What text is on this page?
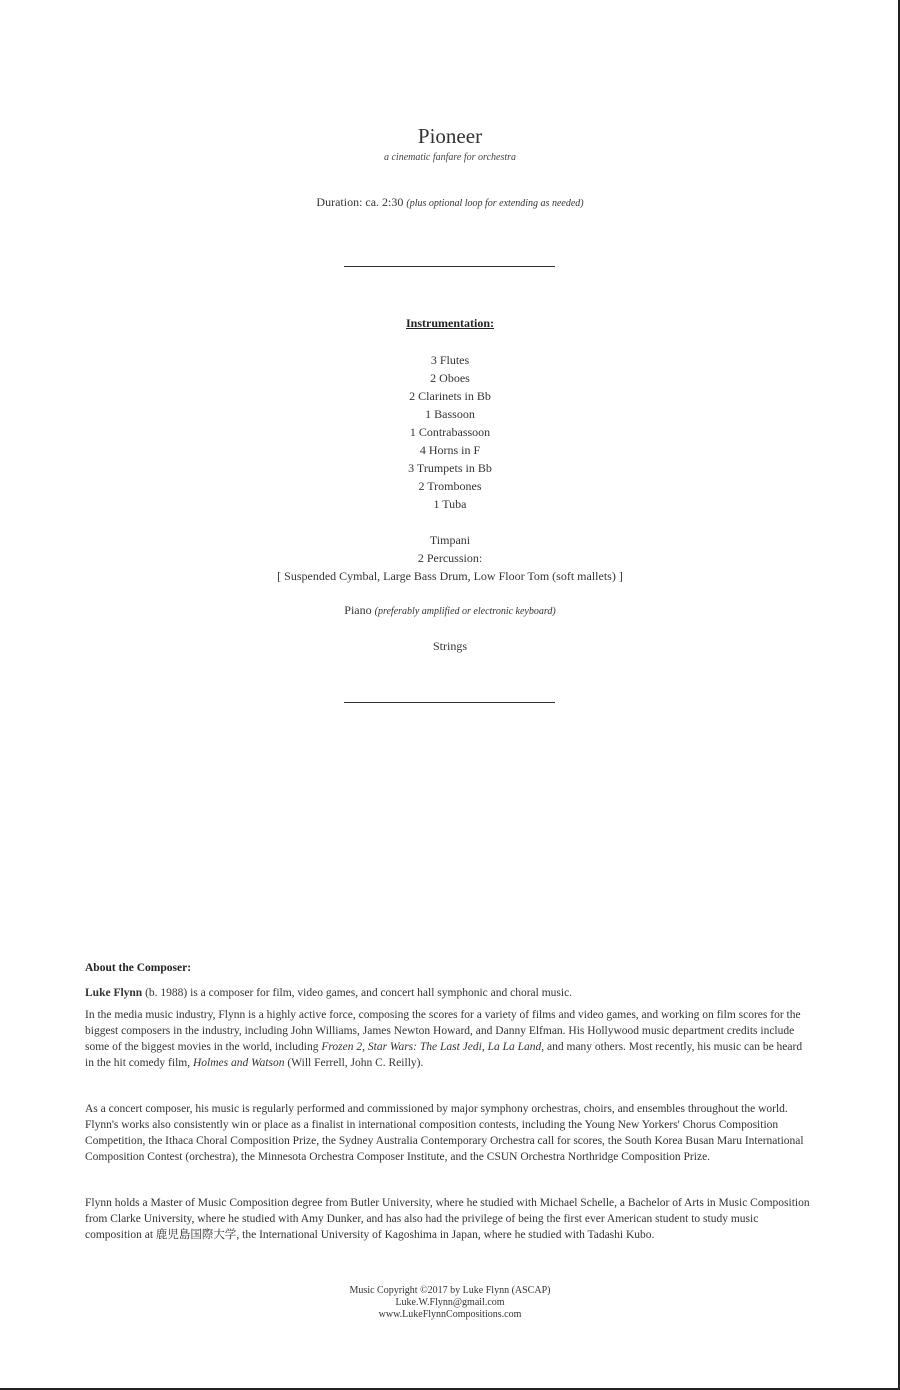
Pioneer
a cinematic fanfare for orchestra
Duration: ca. 2:30 (plus optional loop for extending as needed)
Instrumentation:
3 Flutes
2 Oboes
2 Clarinets in Bb
1 Bassoon
1 Contrabassoon
4 Horns in F
3 Trumpets in Bb
2 Trombones
1 Tuba
Timpani
2 Percussion:
[ Suspended Cymbal, Large Bass Drum, Low Floor Tom (soft mallets) ]
Piano (preferably amplified or electronic keyboard)
Strings
About the Composer:

Luke Flynn (b. 1988) is a composer for film, video games, and concert hall symphonic and choral music.

In the media music industry, Flynn is a highly active force, composing the scores for a variety of films and video games, and working on film scores for the biggest composers in the industry, including John Williams, James Newton Howard, and Danny Elfman. His Hollywood music department credits include some of the biggest movies in the world, including Frozen 2, Star Wars: The Last Jedi, La La Land, and many others. Most recently, his music can be heard in the hit comedy film, Holmes and Watson (Will Ferrell, John C. Reilly).

As a concert composer, his music is regularly performed and commissioned by major symphony orchestras, choirs, and ensembles throughout the world. Flynn's works also consistently win or place as a finalist in international composition contests, including the Young New Yorkers' Chorus Composition Competition, the Ithaca Choral Composition Prize, the Sydney Australia Contemporary Orchestra call for scores, the South Korea Busan Maru International Composition Contest (orchestra), the Minnesota Orchestra Composer Institute, and the CSUN Orchestra Northridge Composition Prize.

Flynn holds a Master of Music Composition degree from Butler University, where he studied with Michael Schelle, a Bachelor of Arts in Music Composition from Clarke University, where he studied with Amy Dunker, and has also had the privilege of being the first ever American student to study music composition at 鹿児島国際大学, the International University of Kagoshima in Japan, where he studied with Tadashi Kubo.

Music Copyright ©2017 by Luke Flynn (ASCAP)
Luke.W.Flynn@gmail.com
www.LukeFlynnCompositions.com
